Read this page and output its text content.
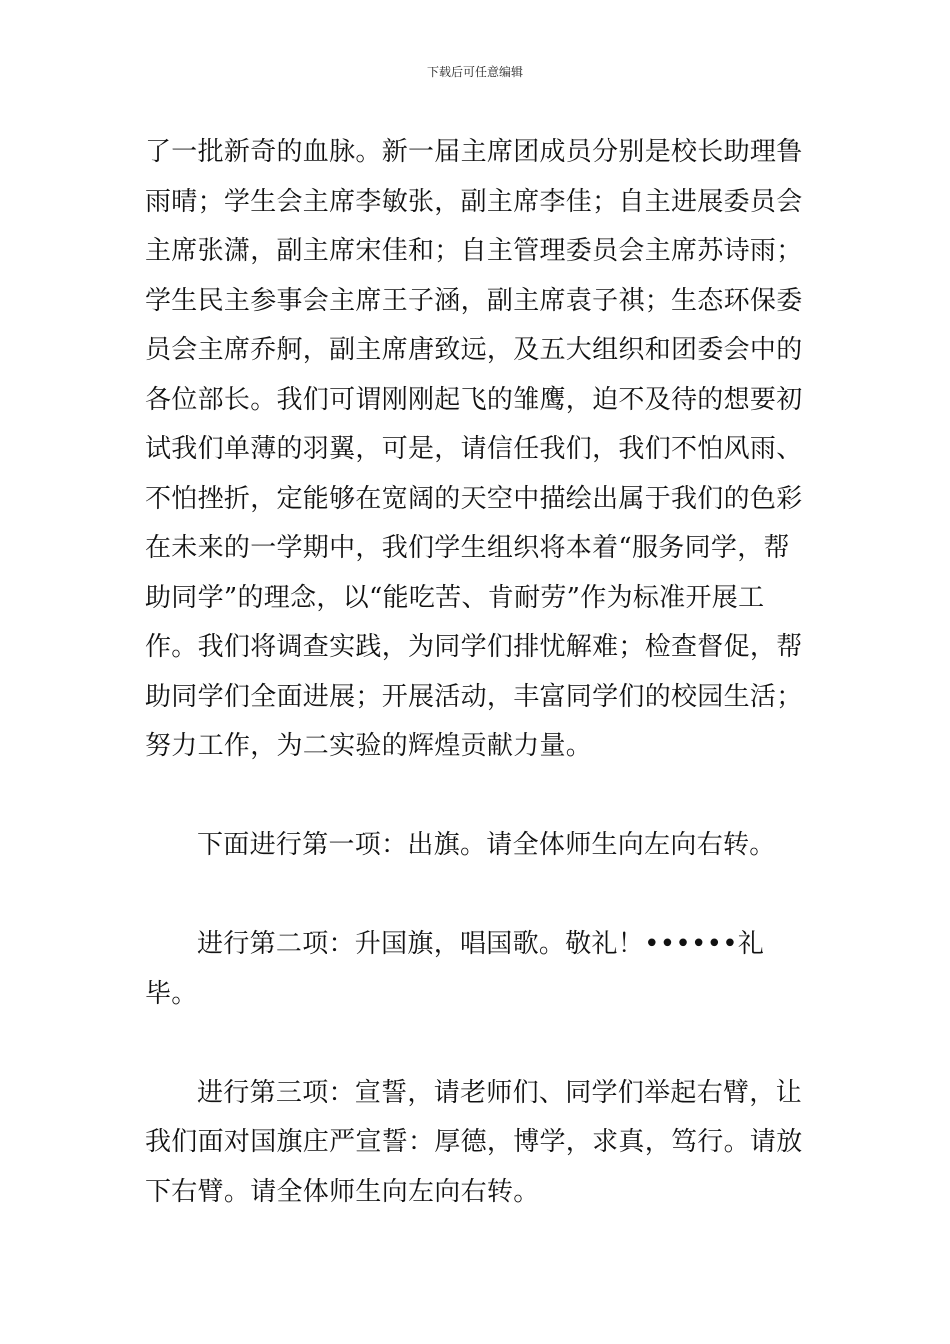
下载后可任意编辑

了一批新奇的血脉。新一届主席团成员分别是校长助理鲁雨晴；学生会主席李敏张，副主席李佳；自主进展委员会主席张潇，副主席宋佳和；自主管理委员会主席苏诗雨；学生民主参事会主席王子涵，副主席袁子祺；生态环保委员会主席乔舸，副主席唐致远，及五大组织和团委会中的各位部长。我们可谓刚刚起飞的雏鹰，迫不及待的想要初试我们单薄的羽翼，可是，请信任我们，我们不怕风雨、不怕挫折，定能够在宽阔的天空中描绘出属于我们的色彩在未来的一学期中，我们学生组织将本着“服务同学，帮助同学”的理念，以“能吃苦、肯耐劳”作为标准开展工作。我们将调查实践，为同学们排忧解难；检查督促，帮助同学们全面进展；开展活动，丰富同学们的校园生活；努力工作，为二实验的辉煌贡献力量。

下面进行第一项：出旗。请全体师生向左向右转。

进行第二项：升国旗，唱国歌。敬礼！••••••礼毕。

进行第三项：宣誓，请老师们、同学们举起右臂，让我们面对国旗庄严宣誓：厚德，博学，求真，笃行。请放下右臂。请全体师生向左向右转。
